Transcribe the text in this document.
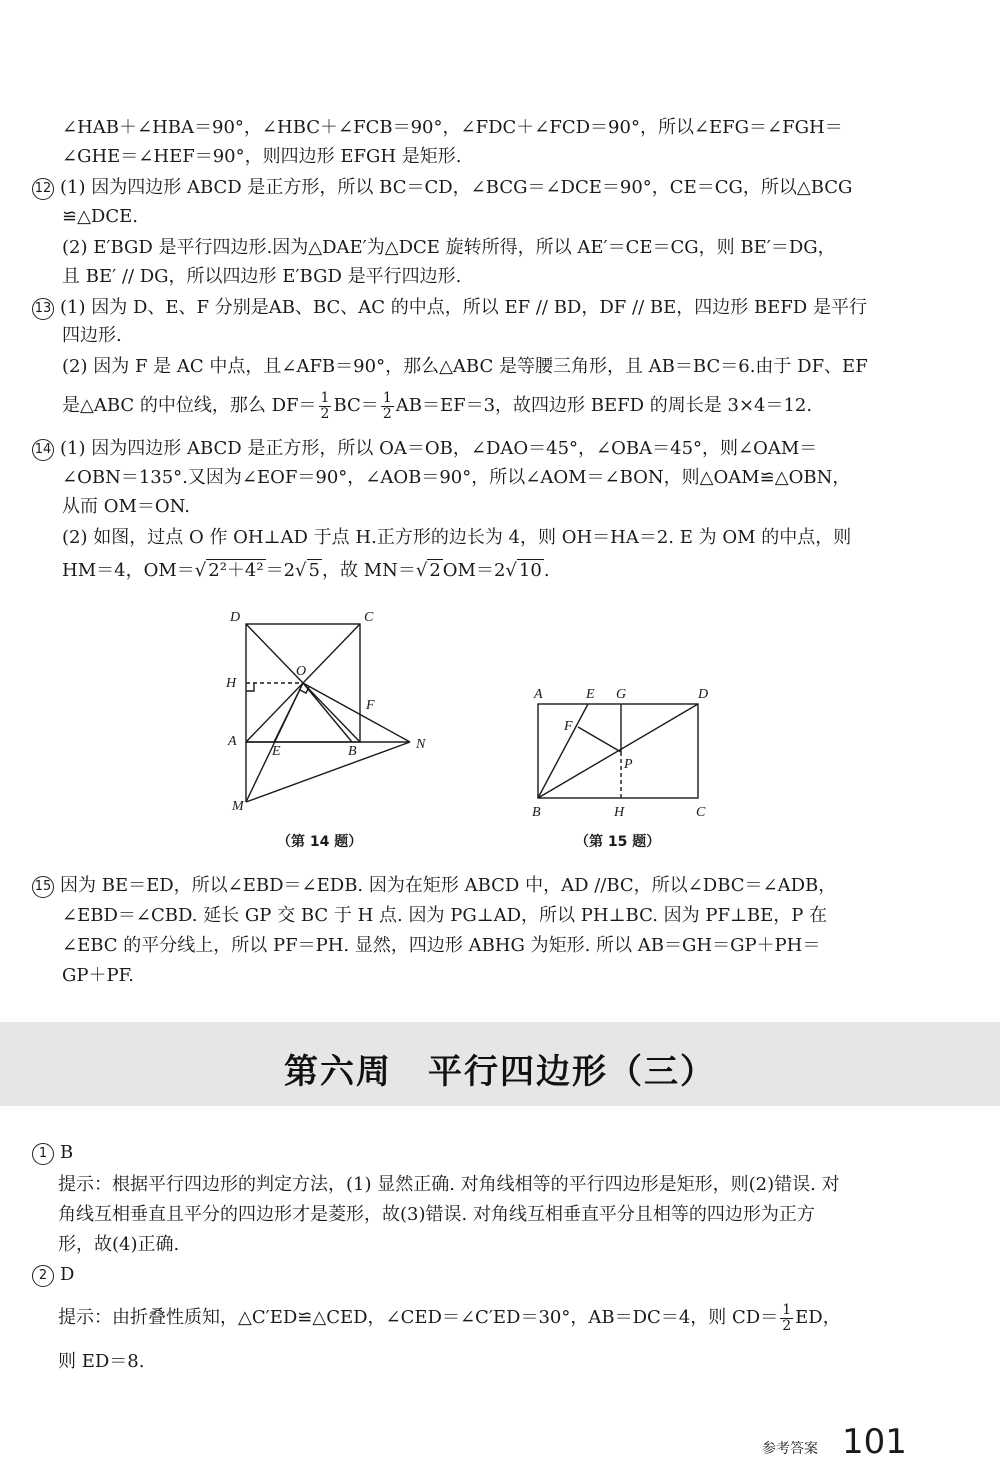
∠HAB＋∠HBA＝90°，∠HBC＋∠FCB＝90°，∠FDC＋∠FCD＝90°，所以∠EFG＝∠FGH＝
∠GHE＝∠HEF＝90°，则四边形 EFGH 是矩形.
12 (1) 因为四边形 ABCD 是正方形，所以 BC＝CD，∠BCG＝∠DCE＝90°，CE＝CG，所以△BCG
≌△DCE.
(2) E′BGD 是平行四边形.因为△DAE′为△DCE 旋转所得，所以 AE′＝CE＝CG，则 BE′＝DG，
且 BE′ // DG，所以四边形 E′BGD 是平行四边形.
13 (1) 因为 D、E、F 分别是AB、BC、AC 的中点，所以 EF // BD，DF // BE，四边形 BEFD 是平行
四边形.
(2) 因为 F 是 AC 中点，且∠AFB＝90°，那么△ABC 是等腰三角形，且 AB＝BC＝6.由于 DF、EF
是△ABC 的中位线，那么 $DF= \frac{1}{2} BC= \frac{1}{2} AB=EF=3$，故四边形 BEFD 的周长是 3×4＝12.
14 (1) 因为四边形 ABCD 是正方形，所以 OA＝OB，∠DAO＝45°，∠OBA＝45°，则∠OAM＝
∠OBN＝135°.又因为∠EOF＝90°，∠AOB＝90°，所以∠AOM＝∠BON，则△OAM≌△OBN，
从而 OM＝ON.
(2) 如图，过点 O 作 OH⊥AD 于点 H.正方形的边长为 4，则 OH＝HA＝2. E 为 OM 的中点，则
HM＝4，OM＝√ 2²＋4² ＝2√ 5 ，故 MN＝√ 2 OM＝2√ 10 .
D	C
O
H
F
A
E	B	N
M
（第 14 题）
A	E G	D
F
P
B	H	C
（第 15 题）
15 因为 BE＝ED，所以∠EBD＝∠EDB. 因为在矩形 ABCD 中，AD //BC，所以∠DBC＝∠ADB，
∠EBD＝∠CBD. 延长 GP 交 BC 于 H 点. 因为 PG⊥AD，所以 PH⊥BC. 因为 PF⊥BE，P 在
∠EBC 的平分线上，所以 PF＝PH. 显然，四边形 ABHG 为矩形. 所以 AB＝GH＝GP＋PH＝
GP＋PF.
第六周　平行四边形（三）
1 B
提示：根据平行四边形的判定方法，(1) 显然正确. 对角线相等的平行四边形是矩形，则(2)错误. 对
角线互相垂直且平分的四边形才是菱形，故(3)错误. 对角线互相垂直平分且相等的四边形为正方
形，故(4)正确.
2 D
提示：由折叠性质知，△C′ED≌△CED，∠CED＝∠C′ED＝30°，AB＝DC＝4，则 $CD= \frac{1}{2}$ ED，
则 ED＝8.
参考答案 101
